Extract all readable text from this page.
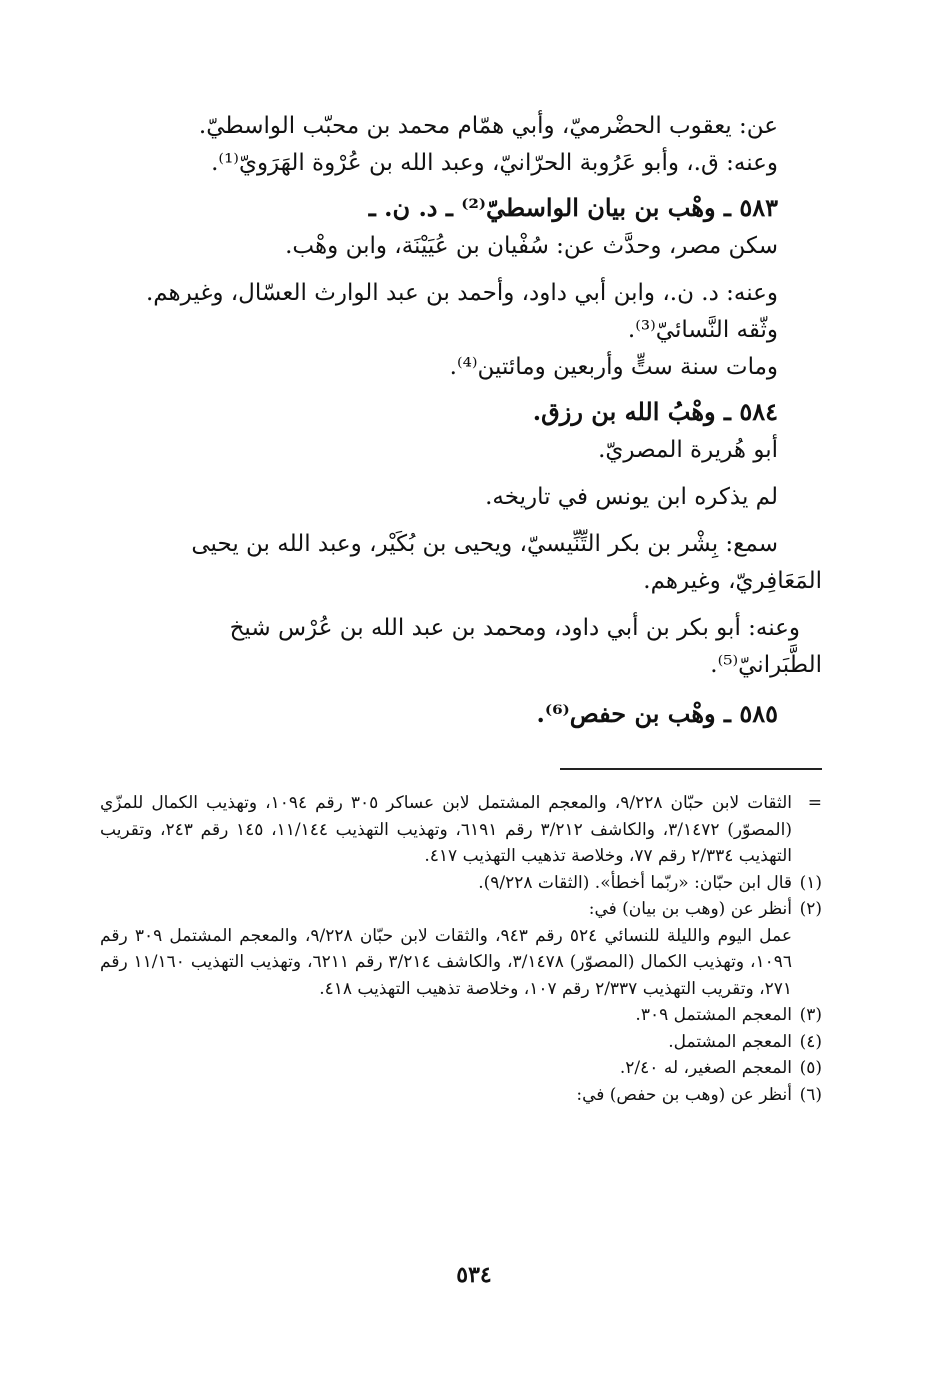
عن: يعقوب الحضْرميّ، وأبي همّام محمد بن محبّب الواسطيّ.

وعنه: ق.، وأبو عَرُوبة الحرّانيّ، وعبد الله بن عُرْوة الهَرَويّ⁽¹⁾.

٥٨٣ ـ وهْب بن بيان الواسطيّ⁽²⁾ ـ د. ن. ـ

سكن مصر، وحدَّث عن: سُفْيان بن عُيَيْنَة، وابن وهْب.

وعنه: د. ن.، وابن أبي داود، وأحمد بن عبد الوارث العسّال، وغيرهم.

وثّقه النَّسائيّ⁽³⁾.

ومات سنة ستٍّ وأربعين ومائتين⁽⁴⁾.

٥٨٤ ـ وهْبُ الله بن رزق.

أبو هُريرة المصريّ.

لم يذكره ابن يونس في تاريخه.

سمع: بِشْر بن بكر التِّنِّيسيّ، ويحيى بن بُكَيْر، وعبد الله بن يحيى

المَعَافِريّ، وغيرهم.

وعنه: أبو بكر بن أبي داود، ومحمد بن عبد الله بن عُرْس شيخ

الطَّبَرانيّ⁽⁵⁾.

٥٨٥ ـ وهْب بن حفص⁽⁶⁾.

=
الثقات لابن حبّان ٩/٢٢٨، والمعجم المشتمل لابن عساكر ٣٠٥ رقم ١٠٩٤، وتهذيب الكمال للمزّي (المصوّر) ٣/١٤٧٢، والكاشف ٣/٢١٢ رقم ٦١٩١، وتهذيب التهذيب ١١/١٤٤، ١٤٥ رقم ٢٤٣، وتقريب التهذيب ٢/٣٣٤ رقم ٧٧، وخلاصة تذهيب التهذيب ٤١٧.
(١)
قال ابن حبّان: «ربّما أخطأ». (الثقات ٩/٢٢٨).
(٢)
أنظر عن (وهب بن بيان) في:
عمل اليوم والليلة للنسائي ٥٢٤ رقم ٩٤٣، والثقات لابن حبّان ٩/٢٢٨، والمعجم المشتمل ٣٠٩ رقم ١٠٩٦، وتهذيب الكمال (المصوّر) ٣/١٤٧٨، والكاشف ٣/٢١٤ رقم ٦٢١١، وتهذيب التهذيب ١١/١٦٠ رقم ٢٧١، وتقريب التهذيب ٢/٣٣٧ رقم ١٠٧، وخلاصة تذهيب التهذيب ٤١٨.
(٣)
المعجم المشتمل ٣٠٩.
(٤)
المعجم المشتمل.
(٥)
المعجم الصغير، له ٢/٤٠.
(٦)
أنظر عن (وهب بن حفص) في:
٥٣٤
